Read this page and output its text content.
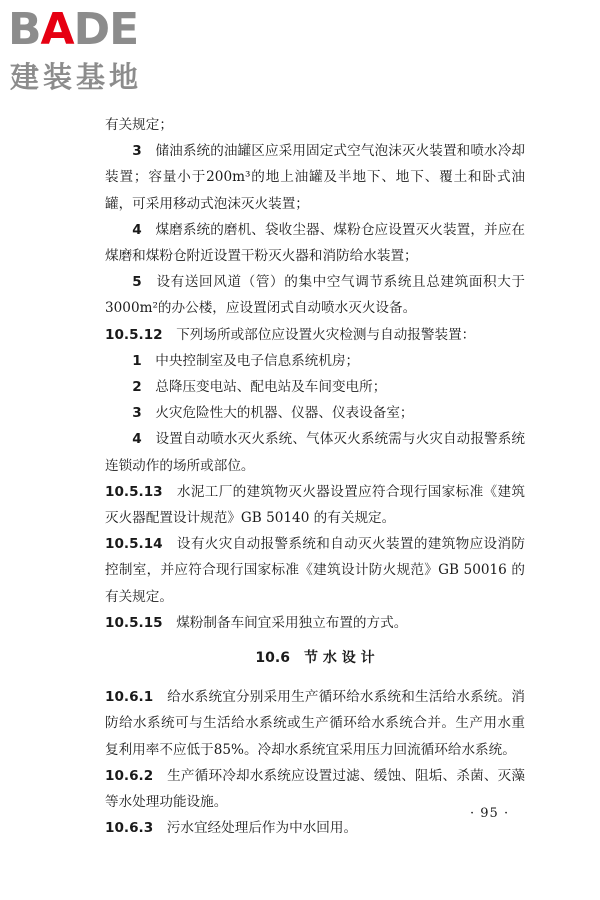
BADE
建装基地

有关规定；

3　 储油系统的油罐区应采用固定式空气泡沫灭火装置和喷水冷却装置；容量小于200m³的地上油罐及半地下、地下、覆土和卧式油罐，可采用移动式泡沫灭火装置；

4　 煤磨系统的磨机、袋收尘器、煤粉仓应设置灭火装置，并应在煤磨和煤粉仓附近设置干粉灭火器和消防给水装置；

5　 设有送回风道（管）的集中空气调节系统且总建筑面积大于3000m²的办公楼，应设置闭式自动喷水灭火设备。

10.5.12　 下列场所或部位应设置火灾检测与自动报警装置：

1　 中央控制室及电子信息系统机房；

2　 总降压变电站、配电站及车间变电所；

3　 火灾危险性大的机器、仪器、仪表设备室；

4　 设置自动喷水灭火系统、气体灭火系统需与火灾自动报警系统连锁动作的场所或部位。

10.5.13　 水泥工厂的建筑物灭火器设置应符合现行国家标准《建筑灭火器配置设计规范》GB 50140 的有关规定。

10.5.14　 设有火灾自动报警系统和自动灭火装置的建筑物应设消防控制室，并应符合现行国家标准《建筑设计防火规范》GB 50016 的有关规定。

10.5.15　 煤粉制备车间宜采用独立布置的方式。

10.6　节 水 设 计

10.6.1　 给水系统宜分别采用生产循环给水系统和生活给水系统。消防给水系统可与生活给水系统或生产循环给水系统合并。生产用水重复利用率不应低于85%。冷却水系统宜采用压力回流循环给水系统。

10.6.2　 生产循环冷却水系统应设置过滤、缓蚀、阻垢、杀菌、灭藻等水处理功能设施。

10.6.3　 污水宜经处理后作为中水回用。

· 95 ·
